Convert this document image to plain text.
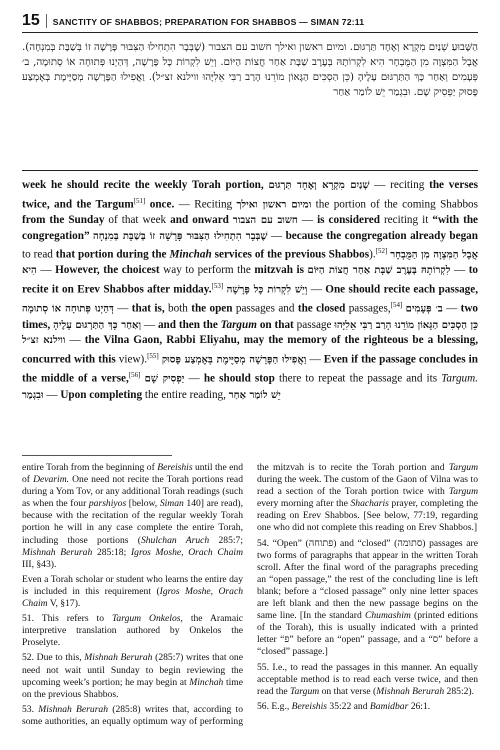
15 SANCTITY OF SHABBOS; PREPARATION FOR SHABBOS — SIMAN 72:11

הַשָּׁבוּעַ שְׁנַיִם מִקְרָא וְאֶחָד תַּרְגּוּם. ומיום ראשון ואילך חשוב עם הצבור (שֶׁבְּבָר הִתְחִילוּ הַצִּבּוּר פָּרָשָׁה זוֹ בְּשַׁבָּת בְּמִנְחָה). אֲבָל הַמִּצְוָה מִן הַמֻּבְחָר הִיא לִקְרוֹתָהּ בְּעֶרֶב שַׁבָּת אַחַר חֲצוֹת הַיּוֹם. וְיֵשׁ לִקְרוֹת כָּל פָּרָשָׁה, דְּהַיְנוּ פְּתוּחָה אוֹ סְתוּמָה, ב׳ פְּעָמִים וְאַחַר כָּךְ הַתַּרְגּוּם עָלֶיהָ (כֵּן הַסְכִּים הַגָּאוֹן מוֹרֵנוּ הָרַב רַבִּי אֵלִיָּהוּ ווילנא זצ״ל). וַאֲפִילוּ הַפָּרָשָׁה מְסַיֶּימֶת בְּאֶמְצַע פָּסוּק יַפְסִיק שָׁם. וּבִגְמַר יֵשׁ לוֹמַר אַחַר

week he should recite the weekly Torah portion, שְׁנַיִם מִקְרָא וְאֶחָד תַּרְגּוּם — reciting the verses twice, and the Targum[51] once. — Reciting ומיום ראשון ואילך the portion of the coming Shabbos from the Sunday of that week and onward חשוב עם הצבור — is considered reciting it “with the congregation” שֶׁבְּבָר הִתְחִילוּ הַצִּבּוּר פָּרָשָׁה זוֹ בְּשַׁבָּת בְּמִנְחָה — because the congregation already began to read that portion during the Minchah services of the previous Shabbos).[52] אֲבָל הַמִּצְוָה מִן הַמֻּבְחָר הִיא — However, the choicest way to perform the mitzvah is לִקְרוֹתָהּ בְּעֶרֶב שַׁבָּת אַחַר חֲצוֹת הַיּוֹם — to recite it on Erev Shabbos after midday.[53] וְיֵשׁ לִקְרוֹת כָּל פָּרָשָׁה — One should recite each passage, דְּהַיְנוּ פְּתוּחָה אוֹ סְתוּמָה — that is, both the open passages and the closed passages,[54] ב׳ פְּעָמִים — two times, וְאַחַר כָּךְ הַתַּרְגּוּם עָלֶיהָ — and then the Targum on that passage כֵּן הַסְכִּים הַגָּאוֹן מוֹרֵנוּ הָרַב רַבִּי אֵלִיָּהוּ ווילנא זצ״ל — the Vilna Gaon, Rabbi Eliyahu, may the memory of the righteous be a blessing, concurred with this view).[55] וַאֲפִילוּ הַפָּרָשָׁה מְסַיֶּימֶת בְּאֶמְצַע פָּסוּק — Even if the passage concludes in the middle of a verse,[56] יַפְסִיק שָׁם — he should stop there to repeat the passage and its Targum. וּבִגְמַר — Upon completing the entire reading, יֵשׁ לוֹמַר אַחַר

entire Torah from the beginning of Bereishis until the end of Devarim. One need not recite the Torah portions read during a Yom Tov, or any additional Torah readings (such as when the four parshiyos [below, Siman 140] are read), because with the recitation of the regular weekly Torah portion he will in any case complete the entire Torah, including those portions (Shulchan Aruch 285:7; Mishnah Berurah 285:18; Igros Moshe, Orach Chaim III, §43).

Even a Torah scholar or student who learns the entire day is included in this requirement (Igros Moshe, Orach Chaim V, §17).

51. This refers to Targum Onkelos, the Aramaic interpretive translation authored by Onkelos the Proselyte.

52. Due to this, Mishnah Berurah (285:7) writes that one need not wait until Sunday to begin reviewing the upcoming week’s portion; he may begin at Minchah time on the previous Shabbos.

53. Mishnah Berurah (285:8) writes that, according to some authorities, an equally optimum way of performing the mitzvah is to recite the Torah portion and Targum during the week. The custom of the Gaon of Vilna was to read a section of the Torah portion twice with Targum every morning after the Shacharis prayer, completing the reading on Erev Shabbos. [See below, 77:19, regarding one who did not complete this reading on Erev Shabbos.]

54. “Open” (פתוחה) and “closed” (סתומה) passages are two forms of paragraphs that appear in the written Torah scroll. After the final word of the paragraphs preceding an “open passage,” the rest of the concluding line is left blank; before a “closed passage” only nine letter spaces are left blank and then the new passage begins on the same line. [In the standard Chumashim (printed editions of the Torah), this is usually indicated with a printed letter “פ” before an “open” passage, and a “ס” before a “closed” passage.]

55. I.e., to read the passages in this manner. An equally acceptable method is to read each verse twice, and then read the Targum on that verse (Mishnah Berurah 285:2).

56. E.g., Bereishis 35:22 and Bamidbar 26:1.
